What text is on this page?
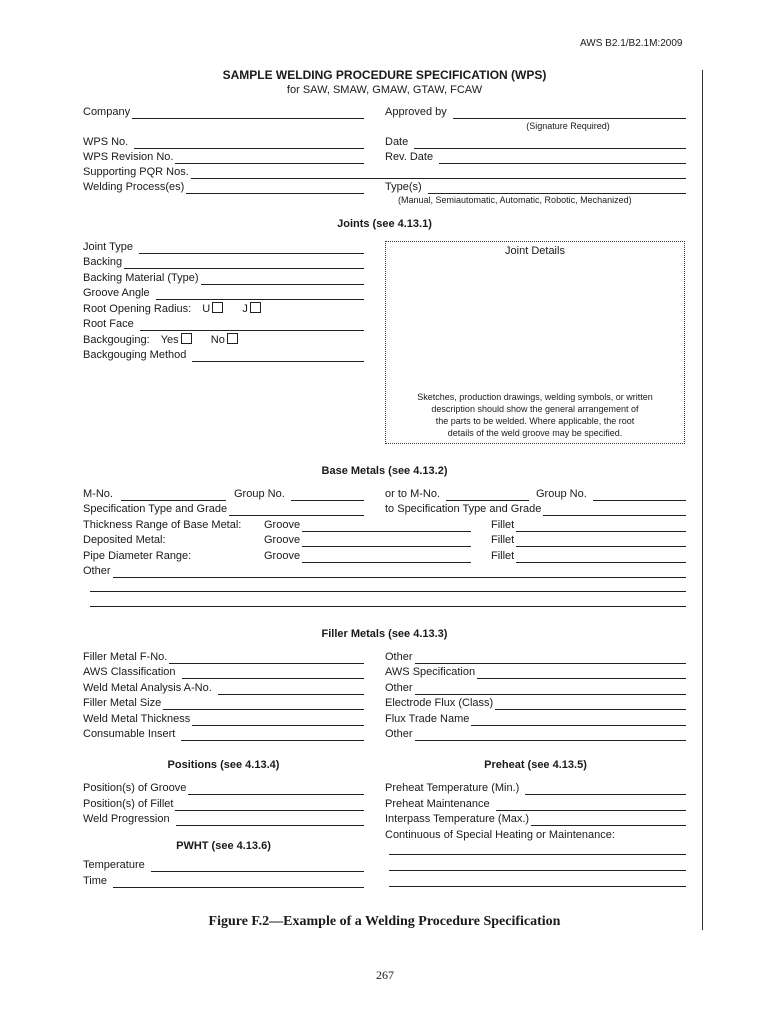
AWS B2.1/B2.1M:2009
SAMPLE WELDING PROCEDURE SPECIFICATION (WPS)
for SAW, SMAW, GMAW, GTAW, FCAW
Company	Approved by
(Signature Required)
WPS No.	Date
WPS Revision No.	Rev. Date
Supporting PQR Nos.
Welding Process(es)	Type(s)
(Manual, Semiautomatic, Automatic, Robotic, Mechanized)
Joints (see 4.13.1)
Joint Type
Backing
Backing Material (Type)
Groove Angle
Root Opening Radius: U	J
Root Face
Backgouging: Yes	No
Backgouging Method
Joint Details
Sketches, production drawings, welding symbols, or written
description should show the general arrangement of
the parts to be welded. Where applicable, the root
details of the weld groove may be specified.
Base Metals (see 4.13.2)
M-No.	Group No.	or to M-No.	Group No.
Specification Type and Grade	to Specification Type and Grade
Thickness Range of Base Metal: Groove	Fillet
Deposited Metal:	Groove	Fillet
Pipe Diameter Range:	Groove	Fillet
Other
Filler Metals (see 4.13.3)
Filler Metal F-No.	Other
AWS Classification	AWS Specification
Weld Metal Analysis A-No.	Other
Filler Metal Size	Electrode Flux (Class)
Weld Metal Thickness	Flux Trade Name
Consumable Insert	Other
Positions (see 4.13.4)
Position(s) of Groove
Position(s) of Fillet
Weld Progression
PWHT (see 4.13.6)
Temperature
Time
Preheat (see 4.13.5)
Preheat Temperature (Min.)
Preheat Maintenance
Interpass Temperature (Max.)
Continuous of Special Heating or Maintenance:
Figure F.2—Example of a Welding Procedure Specification
267
